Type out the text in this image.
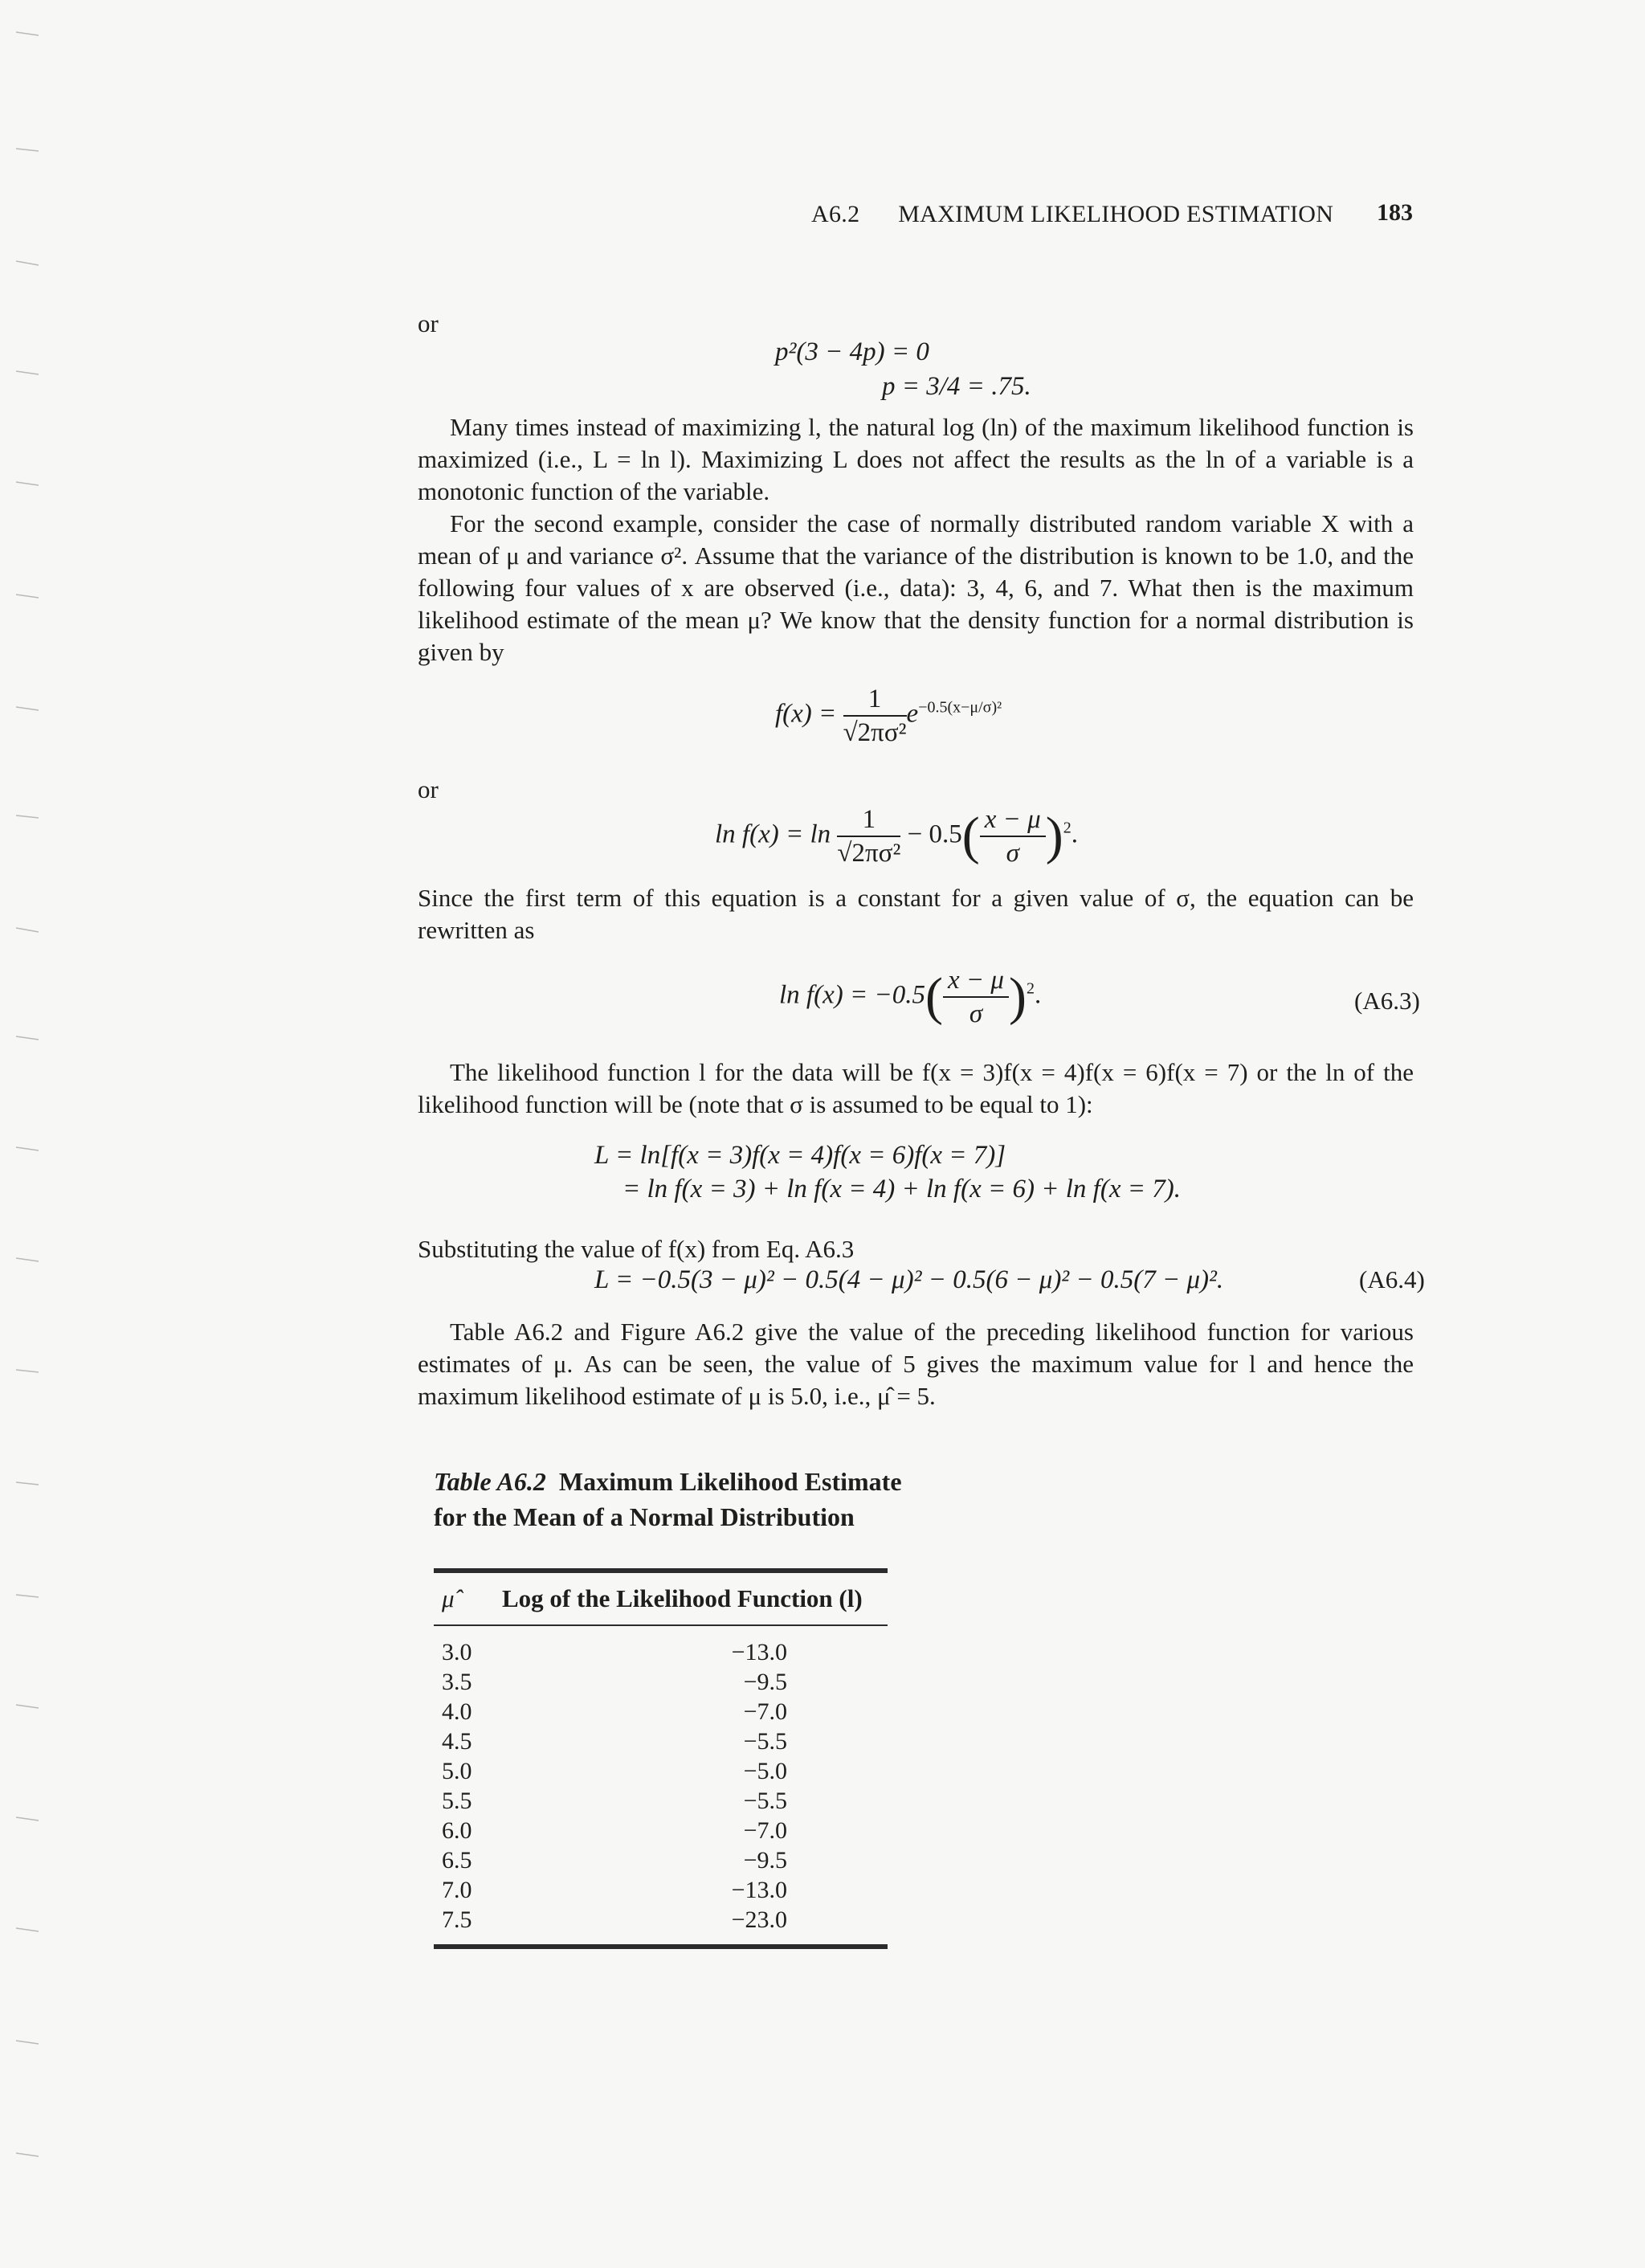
A6.2 MAXIMUM LIKELIHOOD ESTIMATION 183
or
p²(3 − 4p) = 0
p = 3/4 = .75.
Many times instead of maximizing l, the natural log (ln) of the maximum likelihood function is maximized (i.e., L = ln l). Maximizing L does not affect the results as the ln of a variable is a monotonic function of the variable.
For the second example, consider the case of normally distributed random variable X with a mean of μ and variance σ². Assume that the variance of the distribution is known to be 1.0, and the following four values of x are observed (i.e., data): 3, 4, 6, and 7. What then is the maximum likelihood estimate of the mean μ? We know that the density function for a normal distribution is given by
$f(x) = \frac{1}{\text{√2πσ²}} e^{-0.5(x-\mu/\sigma)^2}$
or
$\ln f(x) = \ln \frac{1}{\text{√2πσ²}} - 0.5( \frac{x - \mu}{\sigma} )^2$.
Since the first term of this equation is a constant for a given value of σ, the equation can be rewritten as
$\ln f(x) = -0.5( \frac{x - \mu}{\sigma} )^2$.	(A6.3)
The likelihood function l for the data will be f(x = 3)f(x = 4)f(x = 6)f(x = 7) or the ln of the likelihood function will be (note that σ is assumed to be equal to 1):
L = ln[f(x = 3)f(x = 4)f(x = 6)f(x = 7)]
= ln f(x = 3) + ln f(x = 4) + ln f(x = 6) + ln f(x = 7).
Substituting the value of f(x) from Eq. A6.3
L = −0.5(3 − μ)² − 0.5(4 − μ)² − 0.5(6 − μ)² − 0.5(7 − μ)².	(A6.4)
Table A6.2 and Figure A6.2 give the value of the preceding likelihood function for various estimates of μ. As can be seen, the value of 5 gives the maximum value for l and hence the maximum likelihood estimate of μ is 5.0, i.e., μ̂ = 5.
Table A6.2 Maximum Likelihood Estimate for the Mean of a Normal Distribution
μ̂ Log of the Likelihood Function (l)
3.0	−13.0
3.5	−9.5
4.0	−7.0
4.5	−5.5
5.0	−5.0
5.5	−5.5
6.0	−7.0
6.5	−9.5
7.0	−13.0
7.5	−23.0
